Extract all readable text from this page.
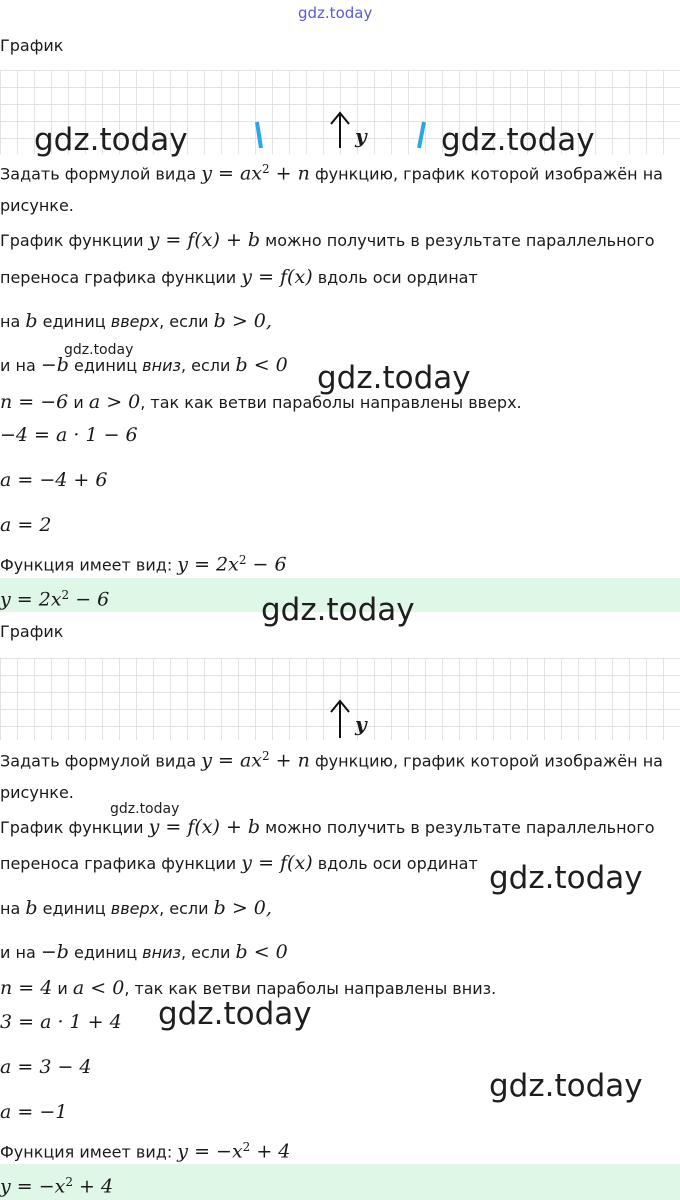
gdz.today
График
y
gdz.today	gdz.today
Задать формулой вида $y = ax^2 + n$ функцию, график которой изображён на
рисунке.
График функции y = f(x) + b можно получить в результате параллельного
переноса графика функции y = f(x) вдоль оси ординат
на b единиц вверх, если b > 0,
gdz.today
и на −b единиц вниз, если b < 0 gdz.today
n = −6 и a > 0, так как ветви параболы направлены вверх.
−4 = a · 1 − 6
a = −4 + 6
a = 2
Функция имеет вид: $y = 2x^2 - 6$
$y = 2x^2 - 6$	gdz.today
График
y
Задать формулой вида $y = ax^2 + n$ функцию, график которой изображён на
рисунке.
gdz.today
График функции y = f(x) + b можно получить в результате параллельного
переноса графика функции y = f(x) вдоль оси ординат gdz.today
на b единиц вверх, если b > 0,
и на −b единиц вниз, если b < 0
n = 4 и a < 0, так как ветви параболы направлены вниз.
gdz.today
3 = a · 1 + 4
a = 3 − 4
gdz.today
a = −1
Функция имеет вид: $y = -x^2 + 4$
$y = -x^2 + 4$
